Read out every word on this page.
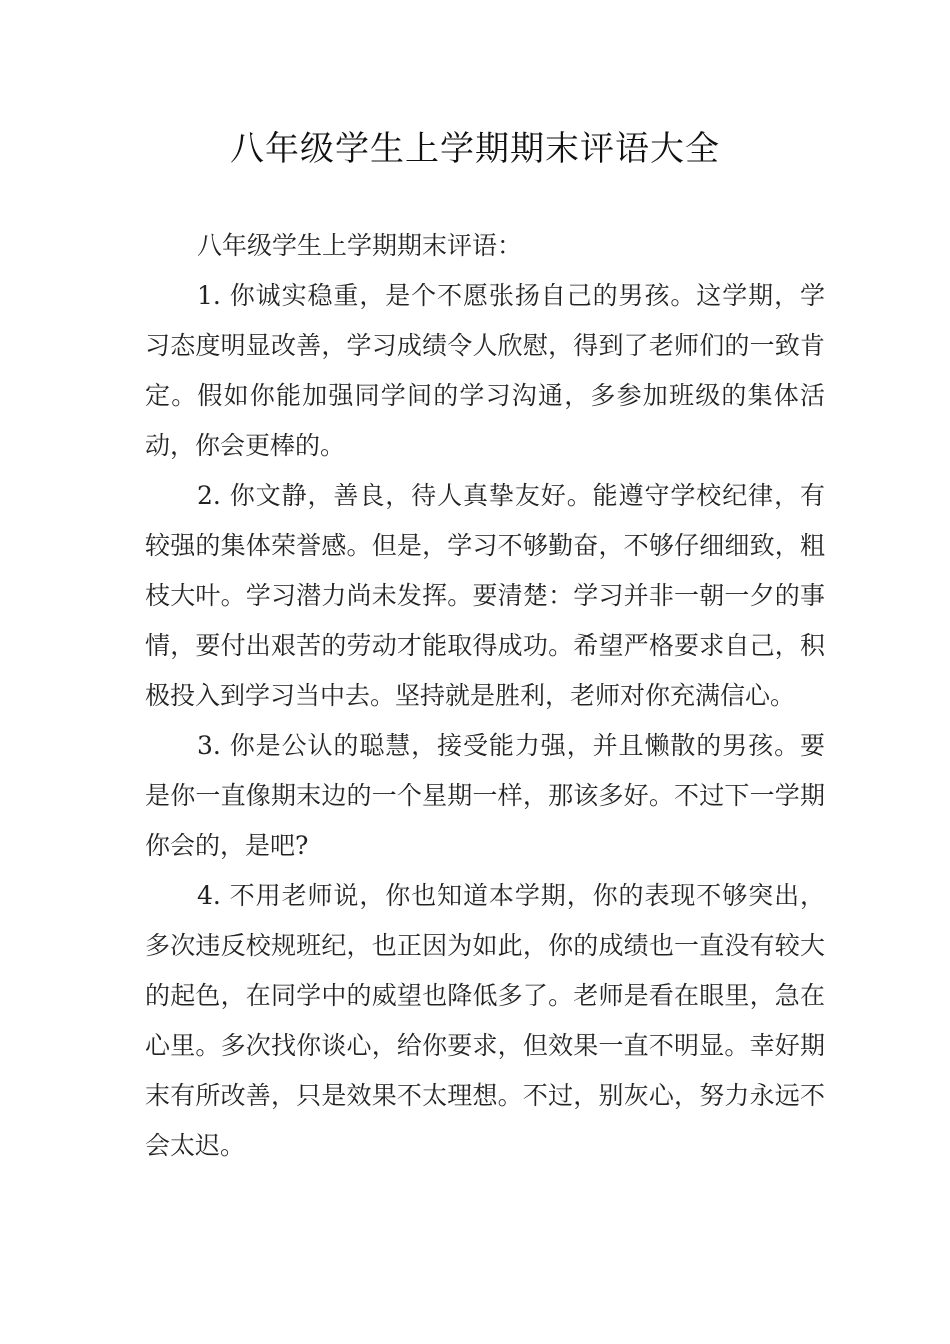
八年级学生上学期期末评语大全

八年级学生上学期期末评语：

1. 你诚实稳重，是个不愿张扬自己的男孩。这学期，学习态度明显改善，学习成绩令人欣慰，得到了老师们的一致肯定。假如你能加强同学间的学习沟通，多参加班级的集体活动，你会更棒的。

2. 你文静，善良，待人真挚友好。能遵守学校纪律，有较强的集体荣誉感。但是，学习不够勤奋，不够仔细细致，粗枝大叶。学习潜力尚未发挥。要清楚：学习并非一朝一夕的事情，要付出艰苦的劳动才能取得成功。希望严格要求自己，积极投入到学习当中去。坚持就是胜利，老师对你充满信心。

3. 你是公认的聪慧，接受能力强，并且懒散的男孩。要是你一直像期末边的一个星期一样，那该多好。不过下一学期你会的，是吧?

4. 不用老师说，你也知道本学期，你的表现不够突出，多次违反校规班纪，也正因为如此，你的成绩也一直没有较大的起色，在同学中的威望也降低多了。老师是看在眼里，急在心里。多次找你谈心，给你要求，但效果一直不明显。幸好期末有所改善，只是效果不太理想。不过，别灰心，努力永远不会太迟。
